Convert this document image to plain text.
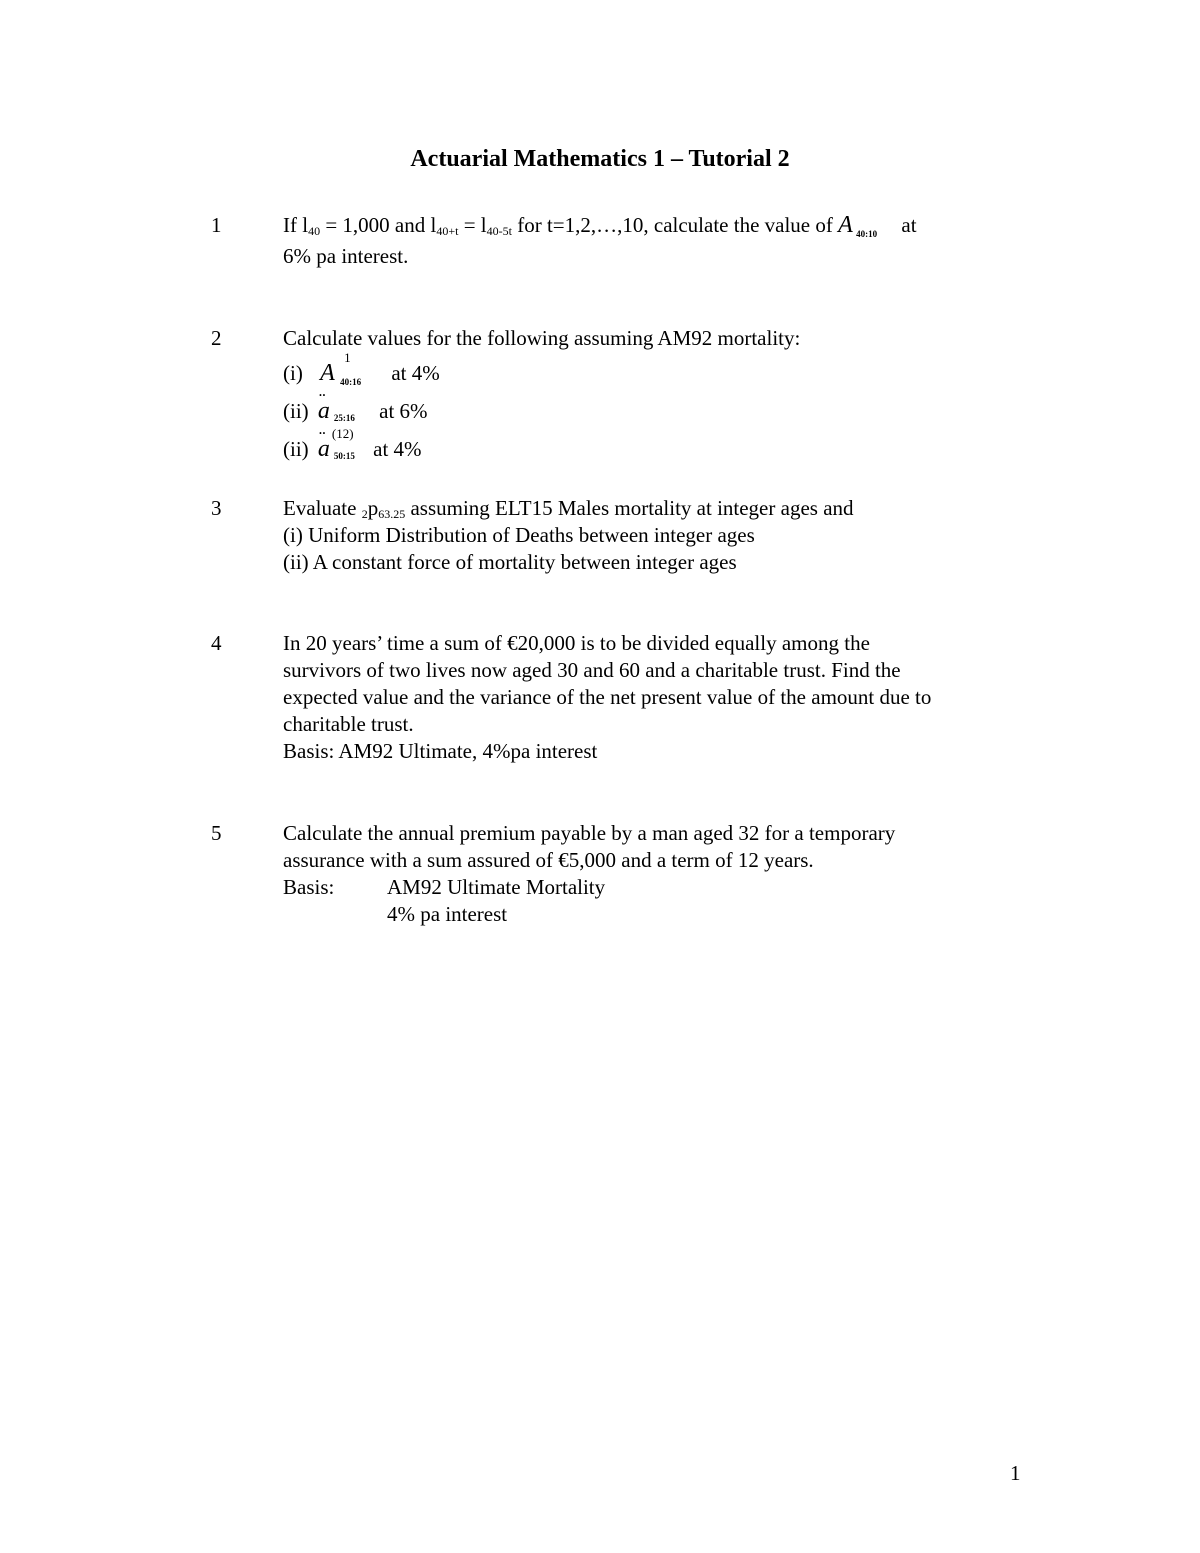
Actuarial Mathematics 1 – Tutorial 2
1	If $l_{40} = 1,000$ and $l_{40+t} = l_{40-5t}$ for t=1,2,…,10, calculate the value of A 40:10 at
6% pa interest.
2	Calculate values for the following assuming AM92 mortality:
(i) A
1
40:16 at 4%
(ii) ¨ a 25:16 at 6%
(ii) ¨ a
(12)
50:15 at 4%
3	Evaluate $_2p_{63.25}$ assuming ELT15 Males mortality at integer ages and
(i) Uniform Distribution of Deaths between integer ages
(ii) A constant force of mortality between integer ages
4	In 20 years’ time a sum of €20,000 is to be divided equally among the
survivors of two lives now aged 30 and 60 and a charitable trust. Find the
expected value and the variance of the net present value of the amount due to
charitable trust.
Basis: AM92 Ultimate, 4%pa interest
5	Calculate the annual premium payable by a man aged 32 for a temporary
assurance with a sum assured of €5,000 and a term of 12 years.
Basis:	AM92 Ultimate Mortality
4% pa interest
1
